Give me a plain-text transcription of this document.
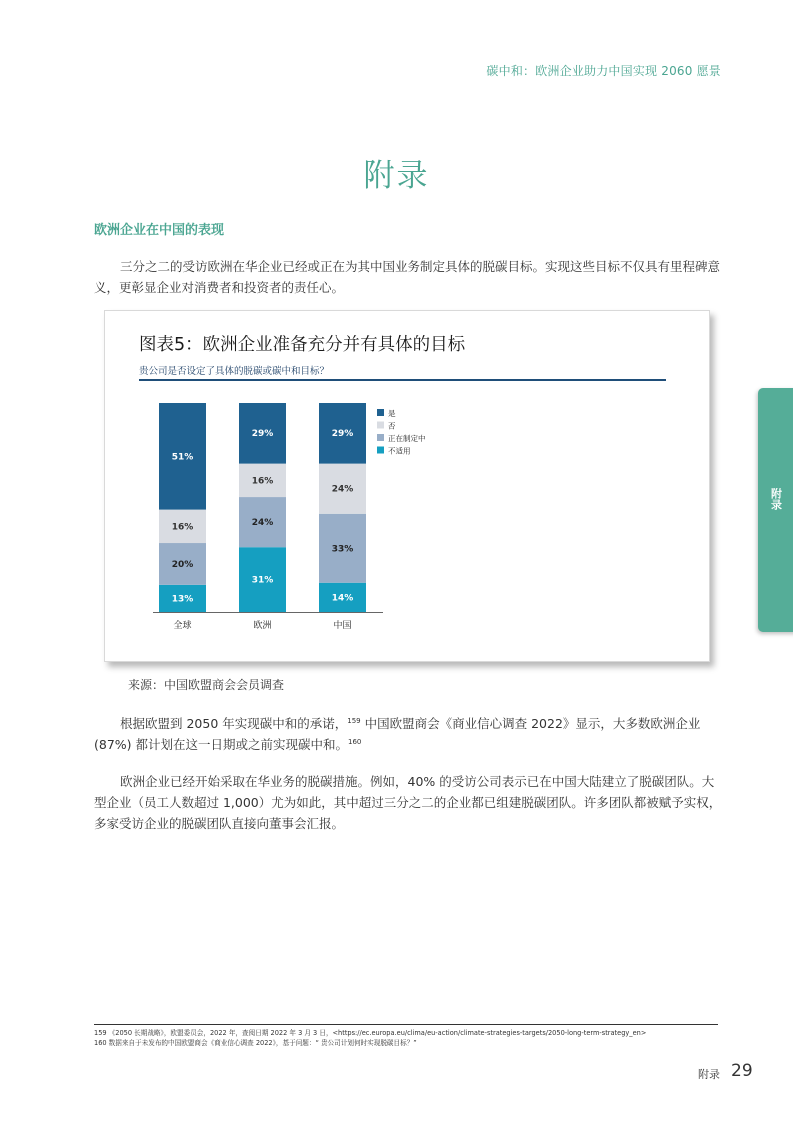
碳中和：欧洲企业助力中国实现 2060 愿景
附录
欧洲企业在中国的表现
三分之二的受访欧洲在华企业已经或正在为其中国业务制定具体的脱碳目标。实现这些目标不仅具有里程碑意义，更彰显企业对消费者和投资者的责任心。
图表5：欧洲企业准备充分并有具体的目标
贵公司是否设定了具体的脱碳或碳中和目标？
13%
20%
16%
51%
全球
31%
24%
16%
29%
欧洲
14%
33%
24%
29%
中国
是
否
正在制定中
不适用
来源：中国欧盟商会会员调查
根据欧盟到 2050 年实现碳中和的承诺，$^{159}$ 中国欧盟商会《商业信心调查 2022》显示，大多数欧洲企业 (87%) 都计划在这一日期或之前实现碳中和。$^{160}$
欧洲企业已经开始采取在华业务的脱碳措施。例如，40% 的受访公司表示已在中国大陆建立了脱碳团队。大型企业（员工人数超过 1,000）尤为如此，其中超过三分之二的企业都已组建脱碳团队。许多团队都被赋予实权，多家受访企业的脱碳团队直接向董事会汇报。
附录
159 《2050 长期战略》，欧盟委员会，2022 年，查阅日期 2022 年 3 月 3 日，<https://ec.europa.eu/clima/eu-action/climate-strategies-targets/2050-long-term-strategy_en>
160 数据来自于未发布的中国欧盟商会《商业信心调查 2022》，基于问题：“ 贵公司计划何时实现脱碳目标？”
附录 29
